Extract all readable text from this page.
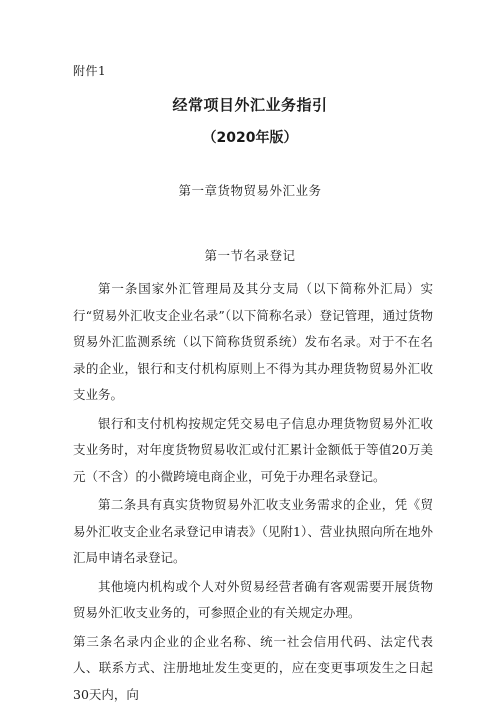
附件1
经常项目外汇业务指引
（2020年版）
第一章货物贸易外汇业务
第一节名录登记

第一条国家外汇管理局及其分支局（以下简称外汇局）实行“贸易外汇收支企业名录”（以下简称名录）登记管理，通过货物贸易外汇监测系统（以下简称货贸系统）发布名录。对于不在名录的企业，银行和支付机构原则上不得为其办理货物贸易外汇收支业务。

银行和支付机构按规定凭交易电子信息办理货物贸易外汇收支业务时，对年度货物贸易收汇或付汇累计金额低于等值20万美元（不含）的小微跨境电商企业，可免于办理名录登记。

第二条具有真实货物贸易外汇收支业务需求的企业，凭《贸易外汇收支企业名录登记申请表》（见附1）、营业执照向所在地外汇局申请名录登记。

其他境内机构或个人对外贸易经营者确有客观需要开展货物贸易外汇收支业务的，可参照企业的有关规定办理。

第三条名录内企业的企业名称、统一社会信用代码、法定代表人、联系方式、注册地址发生变更的，应在变更事项发生之日起30天内，向
